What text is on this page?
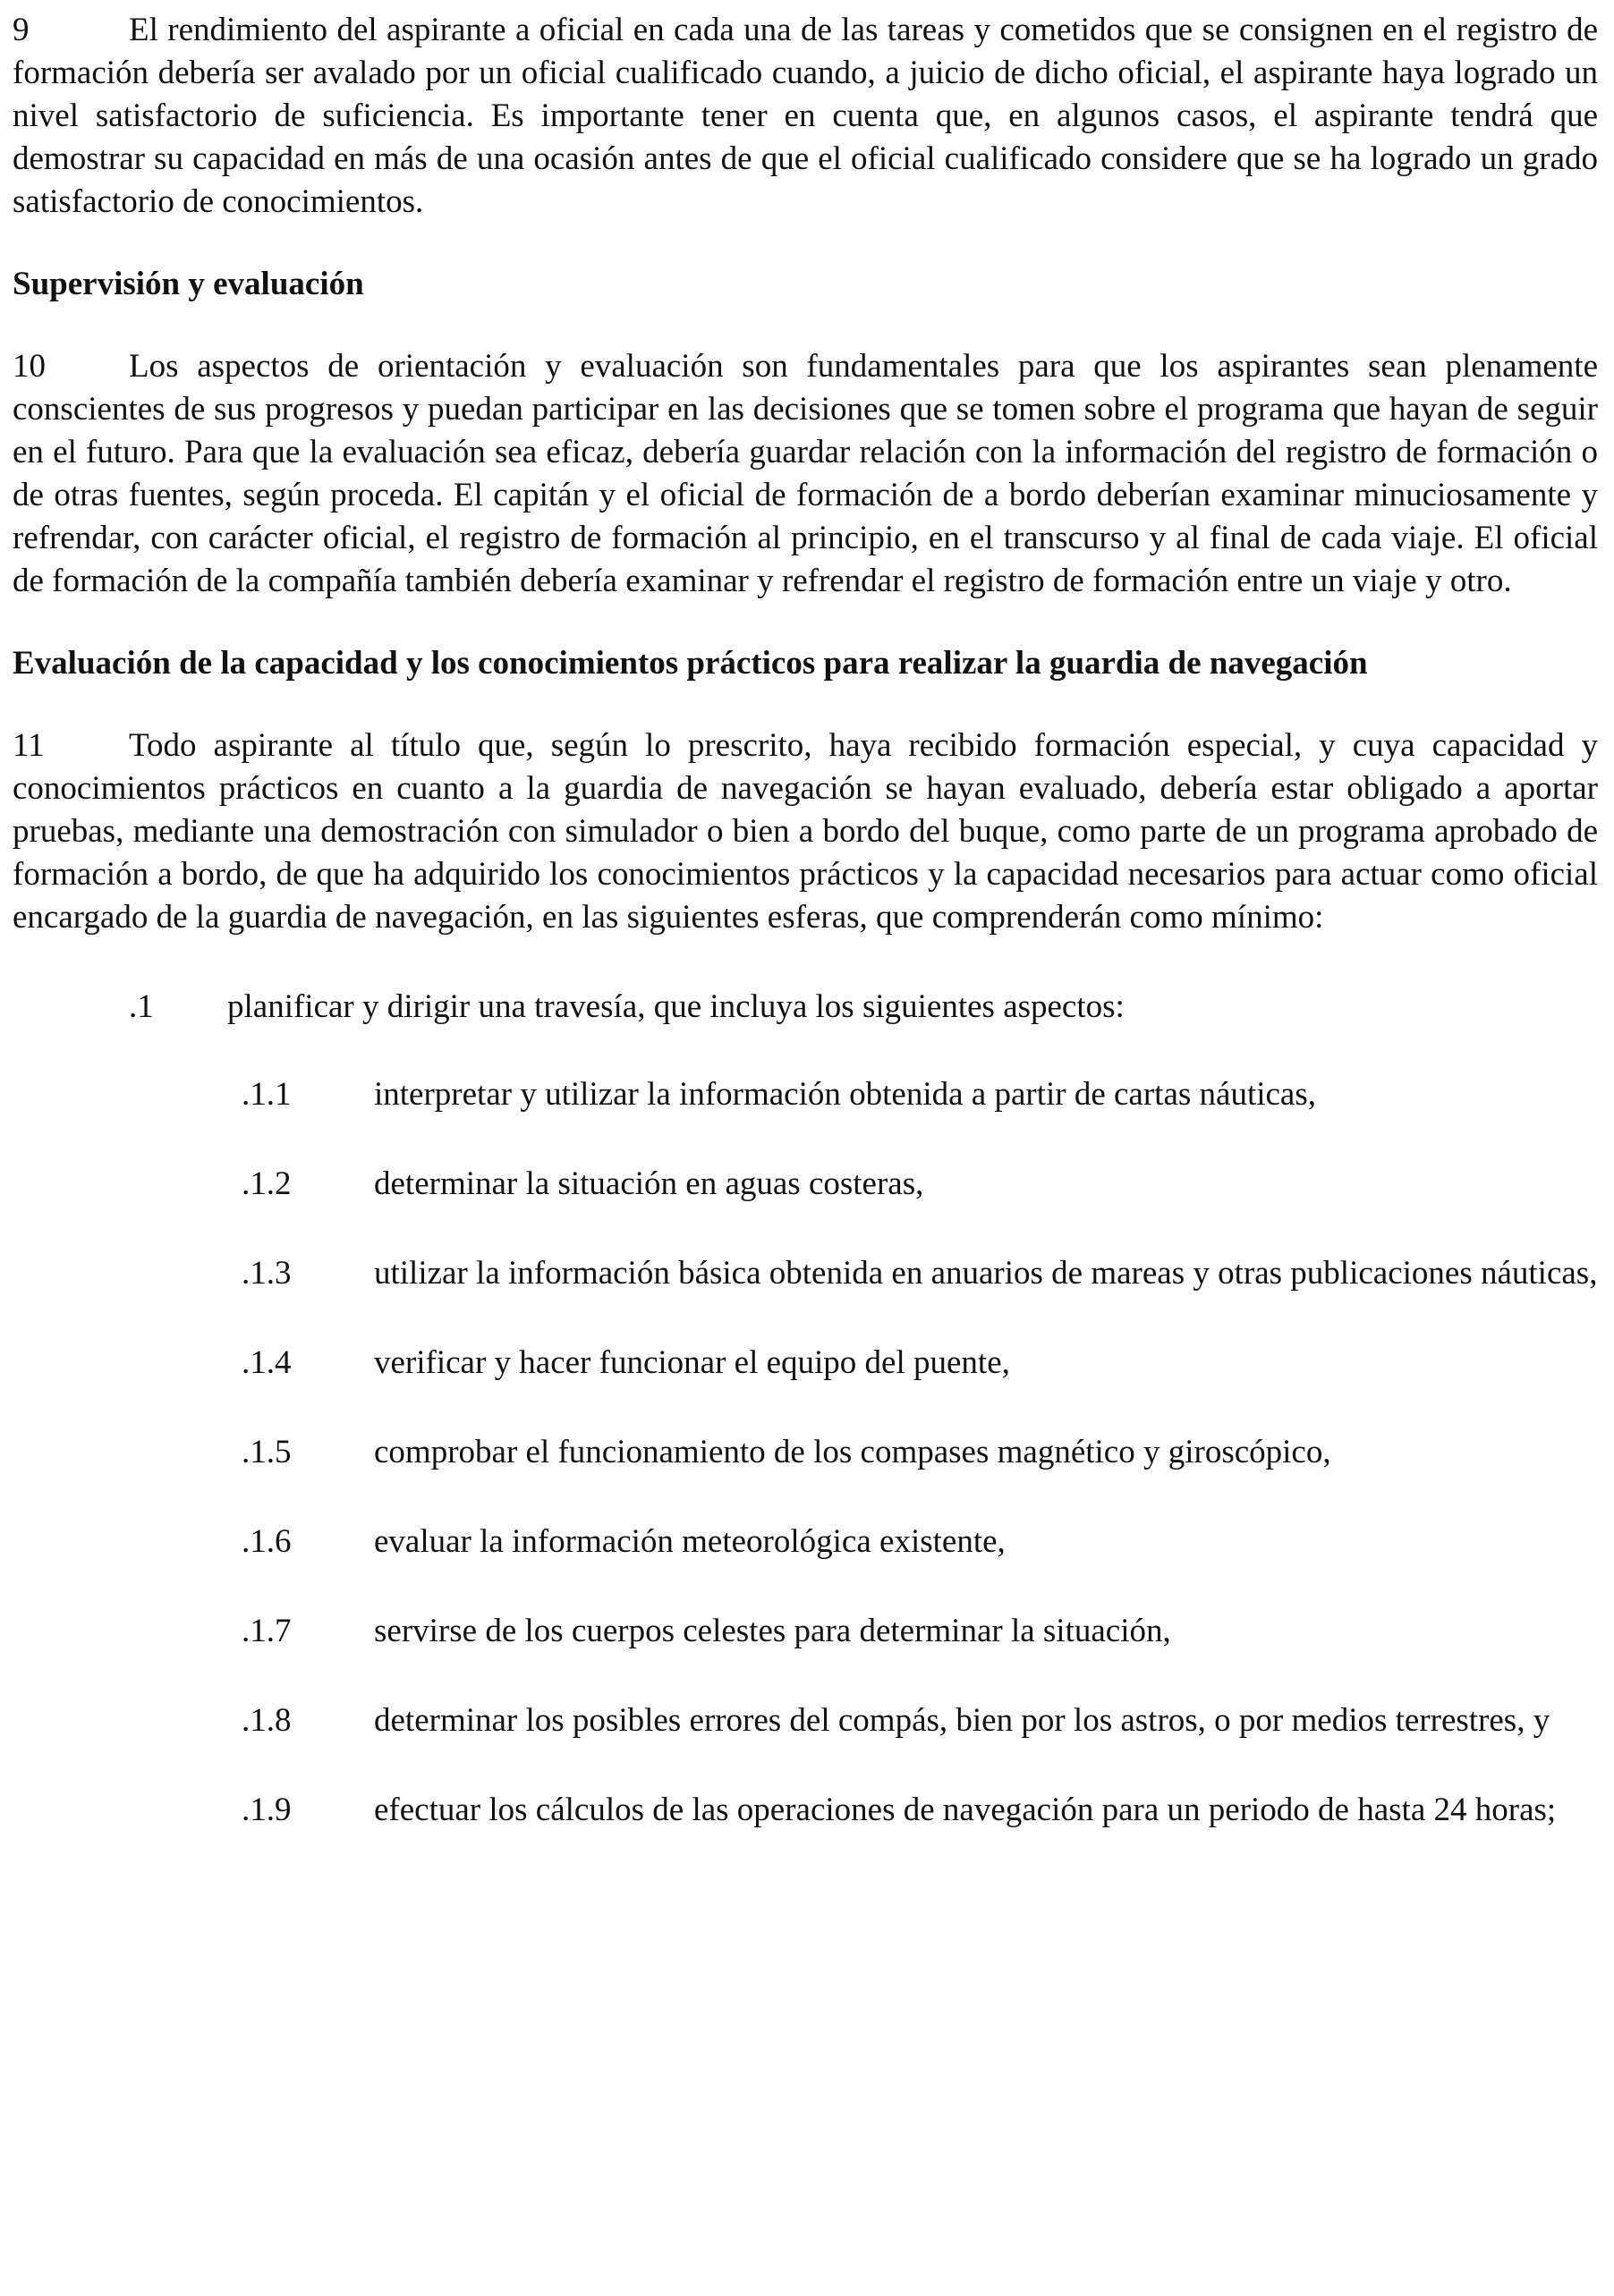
9	El rendimiento del aspirante a oficial en cada una de las tareas y cometidos que se consignen en el registro de formación debería ser avalado por un oficial cualificado cuando, a juicio de dicho oficial, el aspirante haya logrado un nivel satisfactorio de suficiencia. Es importante tener en cuenta que, en algunos casos, el aspirante tendrá que demostrar su capacidad en más de una ocasión antes de que el oficial cualificado considere que se ha logrado un grado satisfactorio de conocimientos.

Supervisión y evaluación

10	Los aspectos de orientación y evaluación son fundamentales para que los aspirantes sean plenamente conscientes de sus progresos y puedan participar en las decisiones que se tomen sobre el programa que hayan de seguir en el futuro. Para que la evaluación sea eficaz, debería guardar relación con la información del registro de formación o de otras fuentes, según proceda. El capitán y el oficial de formación de a bordo deberían examinar minuciosamente y refrendar, con carácter oficial, el registro de formación al principio, en el transcurso y al final de cada viaje. El oficial de formación de la compañía también debería examinar y refrendar el registro de formación entre un viaje y otro.

Evaluación de la capacidad y los conocimientos prácticos para realizar la guardia de navegación

11	Todo aspirante al título que, según lo prescrito, haya recibido formación especial, y cuya capacidad y conocimientos prácticos en cuanto a la guardia de navegación se hayan evaluado, debería estar obligado a aportar pruebas, mediante una demostración con simulador o bien a bordo del buque, como parte de un programa aprobado de formación a bordo, de que ha adquirido los conocimientos prácticos y la capacidad necesarios para actuar como oficial encargado de la guardia de navegación, en las siguientes esferas, que comprenderán como mínimo:

.1 planificar y dirigir una travesía, que incluya los siguientes aspectos:
.1.1	interpretar y utilizar la información obtenida a partir de cartas náuticas,
.1.2	determinar la situación en aguas costeras,
.1.3	utilizar la información básica obtenida en anuarios de mareas y otras publicaciones náuticas,
.1.4	verificar y hacer funcionar el equipo del puente,
.1.5	comprobar el funcionamiento de los compases magnético y giroscópico,
.1.6	evaluar la información meteorológica existente,
.1.7	servirse de los cuerpos celestes para determinar la situación,
.1.8	determinar los posibles errores del compás, bien por los astros, o por medios terrestres, y
.1.9	efectuar los cálculos de las operaciones de navegación para un periodo de hasta 24 horas;
